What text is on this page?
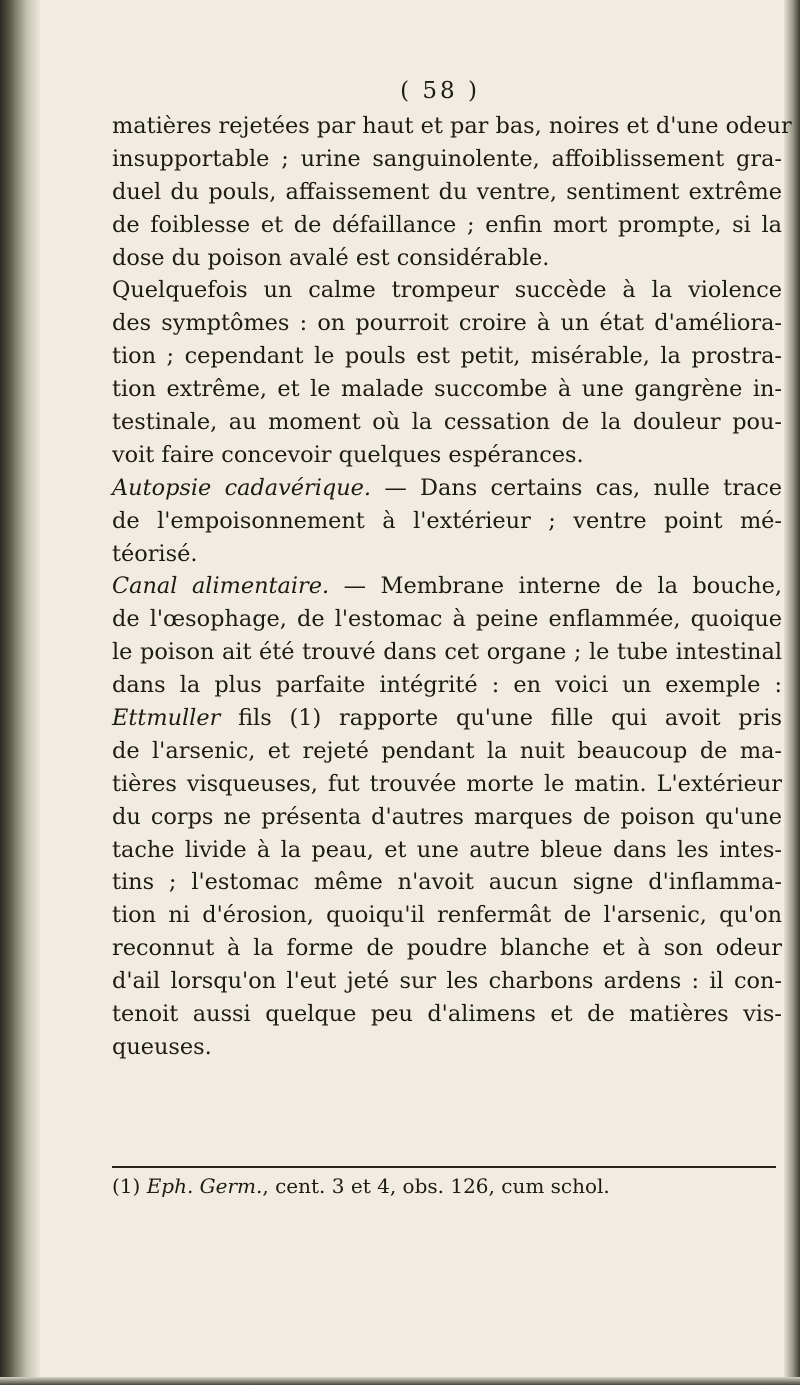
( 58 )
matières rejetées par haut et par bas, noires et d'une odeur
insupportable ; urine sanguinolente, affoiblissement gra-
duel du pouls, affaissement du ventre, sentiment extrême
de foiblesse et de défaillance ; enfin mort prompte, si la
dose du poison avalé est considérable.
Quelquefois un calme trompeur succède à la violence
des symptômes : on pourroit croire à un état d'améliora-
tion ; cependant le pouls est petit, misérable, la prostra-
tion extrême, et le malade succombe à une gangrène in-
testinale, au moment où la cessation de la douleur pou-
voit faire concevoir quelques espérances.
Autopsie cadavérique. — Dans certains cas, nulle trace
de l'empoisonnement à l'extérieur ; ventre point mé-
téorisé.
Canal alimentaire. — Membrane interne de la bouche,
de l'œsophage, de l'estomac à peine enflammée, quoique
le poison ait été trouvé dans cet organe ; le tube intestinal
dans la plus parfaite intégrité : en voici un exemple :
Ettmuller fils (1) rapporte qu'une fille qui avoit pris
de l'arsenic, et rejeté pendant la nuit beaucoup de ma-
tières visqueuses, fut trouvée morte le matin. L'extérieur
du corps ne présenta d'autres marques de poison qu'une
tache livide à la peau, et une autre bleue dans les intes-
tins ; l'estomac même n'avoit aucun signe d'inflamma-
tion ni d'érosion, quoiqu'il renfermât de l'arsenic, qu'on
reconnut à la forme de poudre blanche et à son odeur
d'ail lorsqu'on l'eut jeté sur les charbons ardens : il con-
tenoit aussi quelque peu d'alimens et de matières vis-
queuses.
(1) Eph. Germ., cent. 3 et 4, obs. 126, cum schol.
